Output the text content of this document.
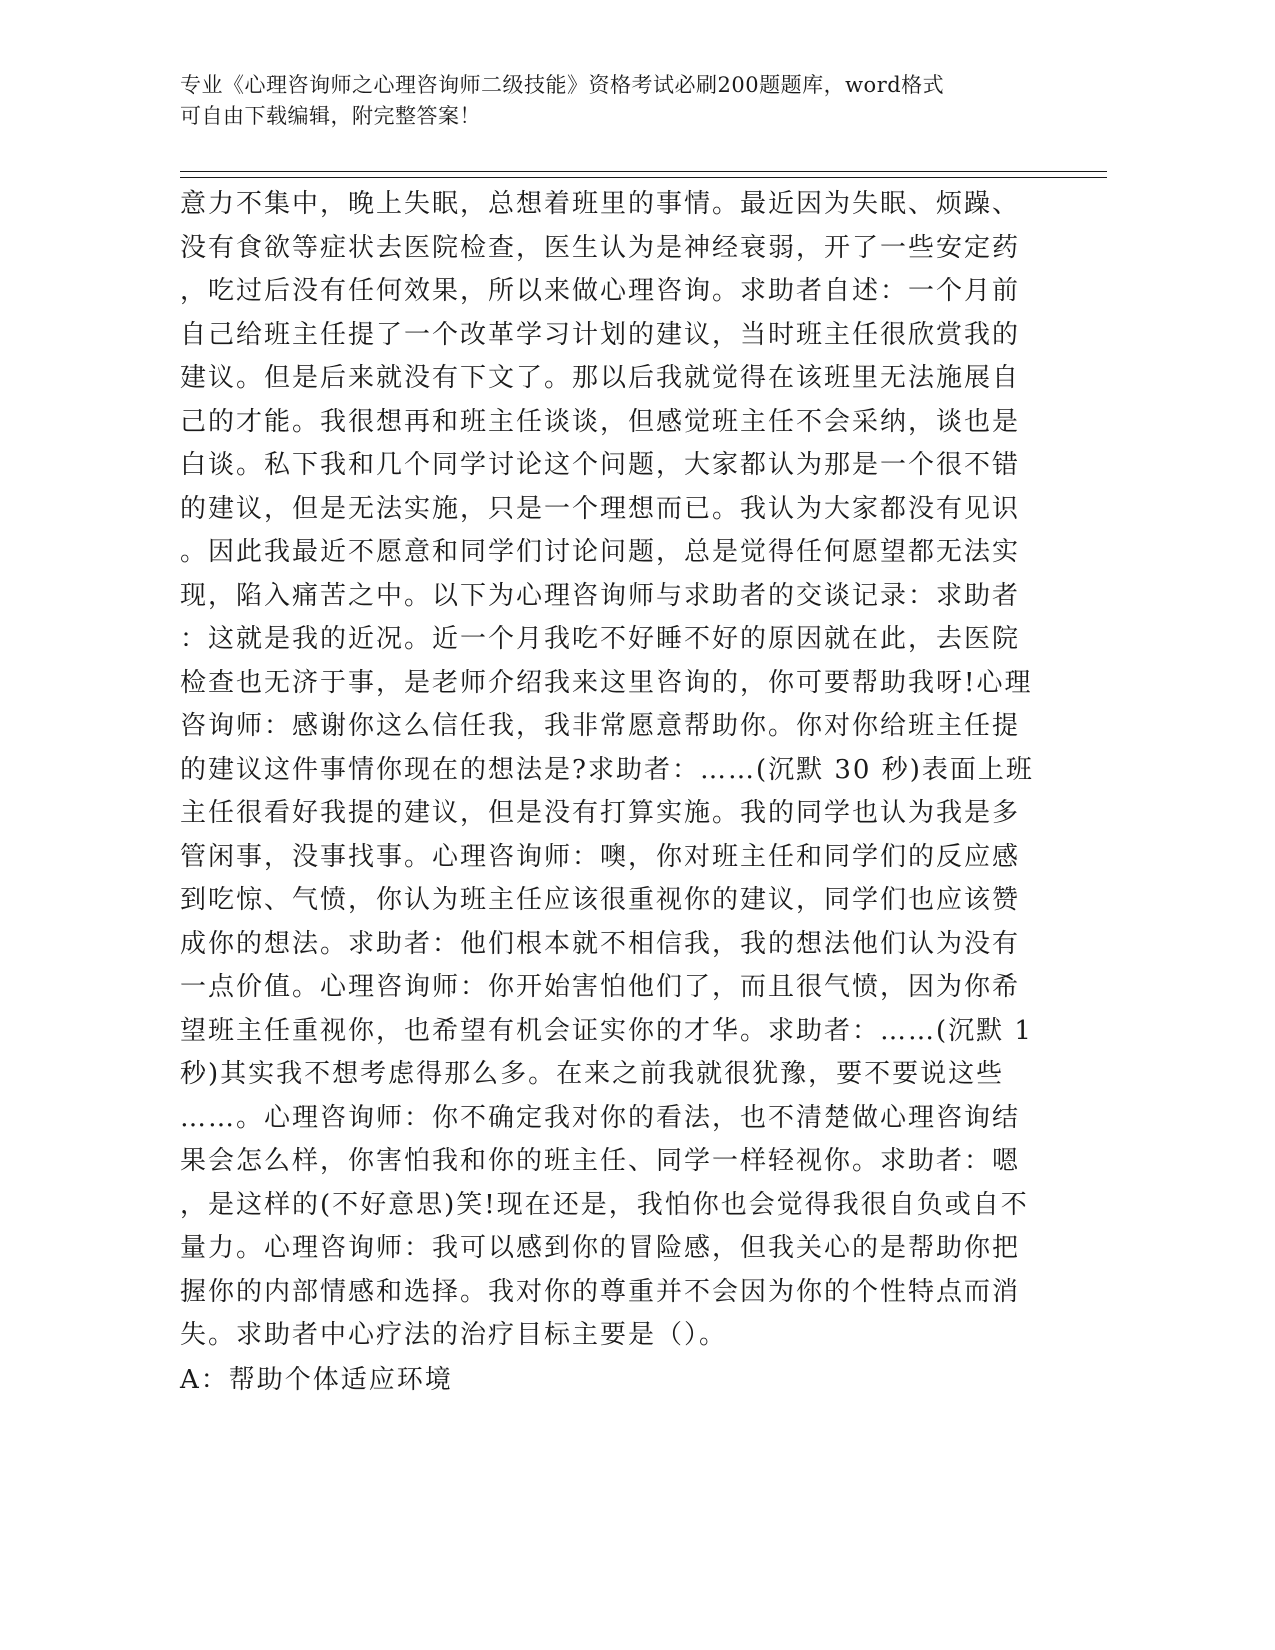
专业《心理咨询师之心理咨询师二级技能》资格考试必刷200题题库，word格式
可自由下载编辑，附完整答案！
意力不集中，晚上失眠，总想着班里的事情。最近因为失眠、烦躁、
没有食欲等症状去医院检查，医生认为是神经衰弱，开了一些安定药
，吃过后没有任何效果，所以来做心理咨询。求助者自述：一个月前
自己给班主任提了一个改革学习计划的建议，当时班主任很欣赏我的
建议。但是后来就没有下文了。那以后我就觉得在该班里无法施展自
己的才能。我很想再和班主任谈谈，但感觉班主任不会采纳，谈也是
白谈。私下我和几个同学讨论这个问题，大家都认为那是一个很不错
的建议，但是无法实施，只是一个理想而已。我认为大家都没有见识
。因此我最近不愿意和同学们讨论问题，总是觉得任何愿望都无法实
现，陷入痛苦之中。以下为心理咨询师与求助者的交谈记录：求助者
：这就是我的近况。近一个月我吃不好睡不好的原因就在此，去医院
检查也无济于事，是老师介绍我来这里咨询的，你可要帮助我呀!心理
咨询师：感谢你这么信任我，我非常愿意帮助你。你对你给班主任提
的建议这件事情你现在的想法是?求助者：……(沉默 30 秒)表面上班
主任很看好我提的建议，但是没有打算实施。我的同学也认为我是多
管闲事，没事找事。心理咨询师：噢，你对班主任和同学们的反应感
到吃惊、气愤，你认为班主任应该很重视你的建议，同学们也应该赞
成你的想法。求助者：他们根本就不相信我，我的想法他们认为没有
一点价值。心理咨询师：你开始害怕他们了，而且很气愤，因为你希
望班主任重视你，也希望有机会证实你的才华。求助者：……(沉默 1
秒)其实我不想考虑得那么多。在来之前我就很犹豫，要不要说这些
……。心理咨询师：你不确定我对你的看法，也不清楚做心理咨询结
果会怎么样，你害怕我和你的班主任、同学一样轻视你。求助者：嗯
，是这样的(不好意思)笑!现在还是，我怕你也会觉得我很自负或自不
量力。心理咨询师：我可以感到你的冒险感，但我关心的是帮助你把
握你的内部情感和选择。我对你的尊重并不会因为你的个性特点而消
失。求助者中心疗法的治疗目标主要是（）。
A：帮助个体适应环境
